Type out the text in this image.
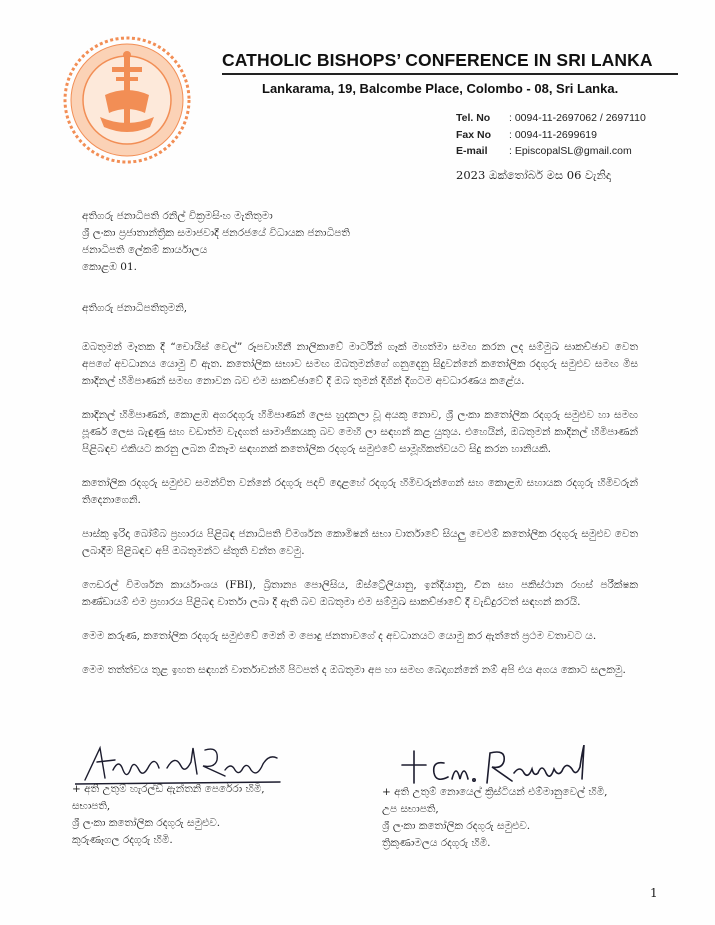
CATHOLIC BISHOPS’ CONFERENCE IN SRI LANKA
Lankarama, 19, Balcombe Place, Colombo - 08, Sri Lanka.
Tel. No	: 0094-11-2697062 / 2697110
Fax No	: 0094-11-2699619
E-mail	: EpiscopalSL@gmail.com
2023 ඔක්තෝබර් මස 06 වැනිදා
අතිගරු ජනාධිපති රනිල් වික්‍රමසිංහ මැතිතුමා
ශ්‍රී ලංකා ප්‍රජාතාන්ත්‍රික සමාජවාදී ජනරජයේ විධායක ජනාධිපති
ජනාධිපති ලේකම් කාර්යාලය
කොළඹ 01.
අතිගරු ජනාධිපතිතුමනි,

ඔබතුමන් මෑතක දී “චොයිස් වෙල්” රූපවාහිනී නාලිකාවේ මාර්ටින් ගෑක් මහත්මා සමඟ කරන ලද සම්මුඛ සාකච්ඡාව වෙත අපගේ අවධානය යොමු වී ඇත. කතෝලික සභාව සමඟ ඔබතුමන්ගේ ගනුදෙනු සිදුවන්නේ කතෝලික රදගුරු සමුළුව සමඟ මිස කාදිනල් හිමිපාණන් සමඟ නොවන බව එම සාකච්ඡාවේ දී ඔබ තුමන් දිගින් දිගටම අවධාරණය කළේය.

කාදිනල් හිමිපාණන්, කොළඹ අගරදගුරු හිමිපාණන් ලෙස හුදකලා වූ අයකු නොව, ශ්‍රී ලංකා කතෝලික රදගුරු සමුළුව හා සමඟ පූර්ණ ලෙස බැඳුණු සහ වඩාත්ම වැදගත් සාමාජිකයකු බව මෙහි ලා සඳහන් කළ යුතුය. එහෙයින්, ඔබතුමන් කාදිනල් හිමිපාණන් පිළිබඳව එකියට කරනු ලබන ඕනෑම සඳහනක් කතෝලික රදගුරු සමුළුවේ සාමූහිකත්වයට සිදු කරන හානියකි.

කතෝලික රදගුරු සමුළුව සමන්විත වන්නේ රදගුරු පදවි දොළහේ රදගුරු හිමිවරුන්ගෙන් සහ කොළඹ සහායක රදගුරු හිමිවරුන් තිදෙනාගෙනි.

පාස්කු ඉරිදා බෝම්බ ප්‍රහාරය පිළිබඳ ජනාධිපති විමර්ශන කොමිෂන් සභා වාර්තාවේ සියලු වෙළුම් කතෝලික රදගුරු සමුළුව වෙත ලබාදීම පිළිබඳව අපි ඔබතුමන්ට ස්තූති වන්ත වෙමු.

ෆෙඩරල් විමර්ශන කාර්යාංශය (FBI), බ්‍රිතාන්‍ය පොලිසිය, ඕස්ට්‍රේලියානු, ඉන්දියානු, චීන සහ පකිස්ථාන රහස් පරීක්ෂක කණ්ඩායම් එම ප්‍රහාරය පිළිබඳ වාර්තා ලබා දී ඇති බව ඔබතුමා එම සම්මුඛ සාකච්ඡාවේ දී වැඩිදුරටත් සඳහන් කරයි.

මෙම කරුණ, කතෝලික රදගුරු සමුළුවේ මෙන් ම පොදු ජනතාවගේ ද අවධානයට යොමු කර ඇත්තේ ප්‍රථම වතාවට ය.

මෙම තත්ත්වය තුළ ඉහත සඳහන් වාර්තාවන්හි පිටපත් ද ඔබතුමා අප හා සමඟ බෙදාගන්නේ නම් අපි එය අගය කොට සලකමු.

+ අති උතුම් හැරල්ඩ් ඇන්තනි පෙරේරා හිමි,
සභාපති,
ශ්‍රී ලංකා කතෝලික රදගුරු සමුළුව.
කුරුණෑගල රදගුරු හිමි.
+ අති උතුම් නොයෙල් ක්‍රිස්ටියන් එම්මානුවෙල් හිමි,
උප සභාපති,
ශ්‍රී ලංකා කතෝලික රදගුරු සමුළුව.
ත්‍රිකුණාමලය රදගුරු හිමි.
1
